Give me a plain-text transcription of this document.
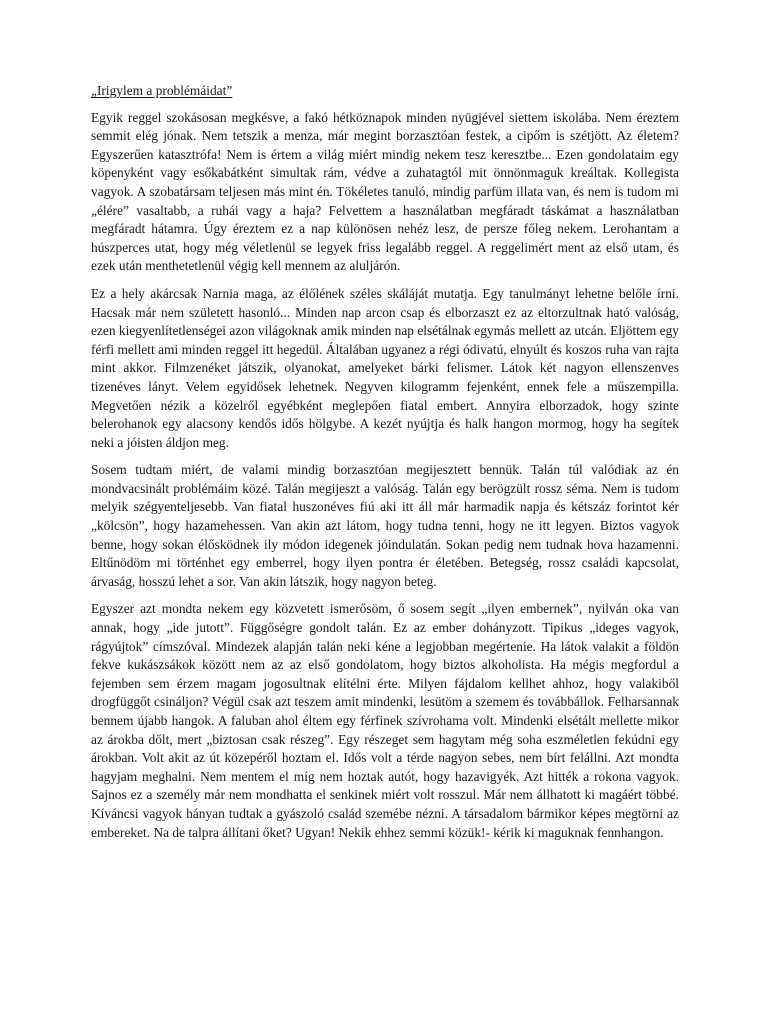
„Irigylem a problémáidat”

Egyik reggel szokásosan megkésve, a fakó hétköznapok minden nyügjével siettem iskolába. Nem éreztem semmit elég jónak. Nem tetszik a menza, már megint borzasztóan festek, a cipőm is szétjött. Az életem? Egyszerűen katasztrófa! Nem is értem a világ miért mindig nekem tesz keresztbe... Ezen gondolataim egy köpenyként vagy esőkabátként simultak rám, védve a zuhatagtól mit önnönmaguk kreáltak. Kollegista vagyok. A szobatársam teljesen más mint én. Tökéletes tanuló, mindig parfüm illata van, és nem is tudom mi „élére” vasaltabb, a ruhái vagy a haja? Felvettem a használatban megfáradt táskámat a használatban megfáradt hátamra. Úgy éreztem ez a nap különösen nehéz lesz, de persze főleg nekem. Lerohantam a húszperces utat, hogy még véletlenül se legyek friss legalább reggel. A reggelimért ment az első utam, és ezek után menthetetlenül végig kell mennem az aluljárón.

Ez a hely akárcsak Narnia maga, az élőlének széles skáláját mutatja. Egy tanulmányt lehetne belőle írni. Hacsak már nem született hasonló... Minden nap arcon csap és elborzaszt ez az eltorzultnak ható valóság, ezen kiegyenlítetlenségei azon világoknak amik minden nap elsétálnak egymás mellett az utcán. Eljöttem egy férfi mellett ami minden reggel itt hegedül. Általában ugyanez a régi ódivatú, elnyúlt és koszos ruha van rajta mint akkor. Filmzenéket játszik, olyanokat, amelyeket bárki felismer. Látok két nagyon ellenszenves tizenéves lányt. Velem egyidősek lehetnek. Negyven kilogramm fejenként, ennek fele a műszempilla. Megvetően nézik a közelről egyébként meglepően fiatal embert. Annyira elborzadok, hogy szinte belerohanok egy alacsony kendős idős hölgybe. A kezét nyújtja és halk hangon mormog, hogy ha segítek neki a jóisten áldjon meg.

Sosem tudtam miért, de valami mindig borzasztóan megijesztett bennük. Talán túl valódiak az én mondvacsinált problémáim közé. Talán megijeszt a valóság. Talán egy berögzült rossz séma. Nem is tudom melyik szégyenteljesebb. Van fiatal huszonéves fiú aki itt áll már harmadik napja és kétszáz forintot kér „kölcsön”, hogy hazamehessen. Van akin azt látom, hogy tudna tenni, hogy ne itt legyen. Biztos vagyok benne, hogy sokan élősködnek ily módon idegenek jóindulatán. Sokan pedig nem tudnak hova hazamenni. Eltűnödöm mi történhet egy emberrel, hogy ilyen pontra ér életében. Betegség, rossz családi kapcsolat, árvaság, hosszú lehet a sor. Van akin látszik, hogy nagyon beteg.

Egyszer azt mondta nekem egy közvetett ismerősöm, ő sosem segít „ilyen embernek”, nyilván oka van annak, hogy „ide jutott”. Függőségre gondolt talán. Ez az ember dohányzott. Tipikus „ideges vagyok, rágyújtok” címszóval. Mindezek alapján talán neki kéne a legjobban megértenie. Ha látok valakit a földön fekve kukászsákok között nem az az első gondolatom, hogy biztos alkoholista. Ha mégis megfordul a fejemben sem érzem magam jogosultnak elítélni érte. Milyen fájdalom kellhet ahhoz, hogy valakiből drogfüggőt csináljon? Végül csak azt teszem amit mindenki, lesütöm a szemem és továbbállok. Felharsannak bennem újabb hangok. A faluban ahol éltem egy férfinek szívrohama volt. Mindenki elsétált mellette mikor az árokba dőlt, mert „biztosan csak részeg”. Egy részeget sem hagytam még soha eszméletlen fekúdni egy árokban. Volt akit az út közepéről hoztam el. Idős volt a térde nagyon sebes, nem bírt felállni. Azt mondta hagyjam meghalni. Nem mentem el míg nem hoztak autót, hogy hazavigyék. Azt hitték a rokona vagyok. Sajnos ez a személy már nem mondhatta el senkinek miért volt rosszul. Már nem állhatott ki magáért többé. Kíváncsi vagyok hányan tudtak a gyászoló család szemébe nézni. A társadalom bármikor képes megtörni az embereket. Na de talpra állítani őket? Ugyan! Nekik ehhez semmi közük!- kérik ki maguknak fennhangon.
